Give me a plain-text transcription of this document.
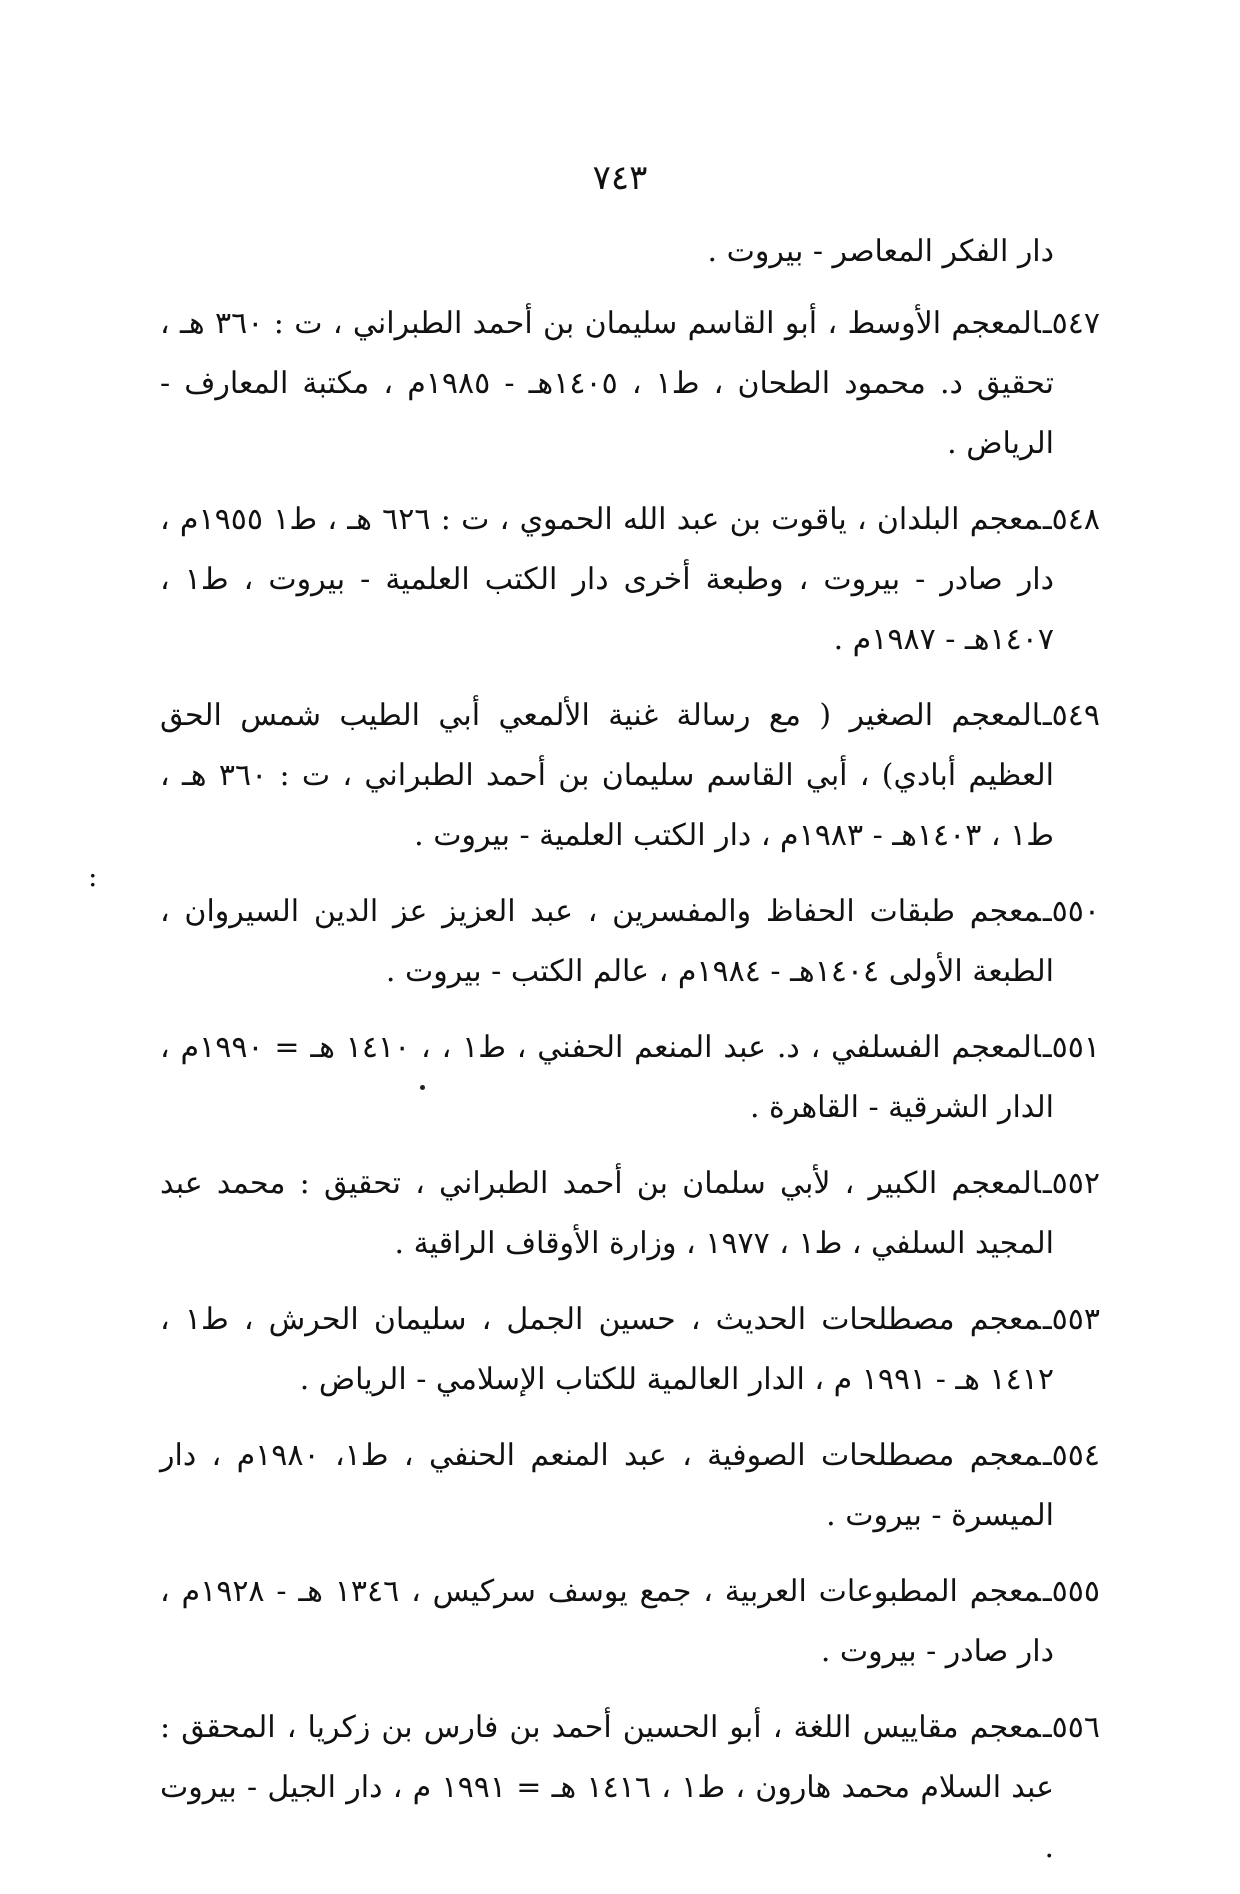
٧٤٣

دار الفكر المعاصر - بيروت .

٥٤٧ـالمعجم الأوسط ، أبو القاسم سليمان بن أحمد الطبراني ، ت : ٣٦٠ هـ ، تحقيق د. محمود الطحان ، ط١ ، ١٤٠٥هـ - ١٩٨٥م ، مكتبة المعارف - الرياض .

٥٤٨ـمعجم البلدان ، ياقوت بن عبد الله الحموي ، ت : ٦٢٦ هـ ، ط١ ١٩٥٥م ، دار صادر - بيروت ، وطبعة أخرى دار الكتب العلمية - بيروت ، ط١ ، ١٤٠٧هـ - ١٩٨٧م .

٥٤٩ـالمعجم الصغير ( مع رسالة غنية الألمعي أبي الطيب شمس الحق العظيم أبادي) ، أبي القاسم سليمان بن أحمد الطبراني ، ت : ٣٦٠ هـ ، ط١ ، ١٤٠٣هـ - ١٩٨٣م ، دار الكتب العلمية - بيروت .

٥٥٠ـمعجم طبقات الحفاظ والمفسرين ، عبد العزيز عز الدين السيروان ، الطبعة الأولى ١٤٠٤هـ - ١٩٨٤م ، عالم الكتب - بيروت .

٥٥١ـالمعجم الفسلفي ، د. عبد المنعم الحفني ، ط١ ، ، ١٤١٠ هـ = ١٩٩٠م ، الدار الشرقية - القاهرة .

٥٥٢ـالمعجم الكبير ، لأبي سلمان بن أحمد الطبراني ، تحقيق : محمد عبد المجيد السلفي ، ط١ ، ١٩٧٧ ، وزارة الأوقاف الراقية .

٥٥٣ـمعجم مصطلحات الحديث ، حسين الجمل ، سليمان الحرش ، ط١ ، ١٤١٢ هـ - ١٩٩١ م ، الدار العالمية للكتاب الإسلامي - الرياض .

٥٥٤ـمعجم مصطلحات الصوفية ، عبد المنعم الحنفي ، ط١، ١٩٨٠م ، دار الميسرة - بيروت .

٥٥٥ـمعجم المطبوعات العربية ، جمع يوسف سركيس ، ١٣٤٦ هـ - ١٩٢٨م ، دار صادر - بيروت .

٥٥٦ـمعجم مقاييس اللغة ، أبو الحسين أحمد بن فارس بن زكريا ، المحقق : عبد السلام محمد هارون ، ط١ ، ١٤١٦ هـ = ١٩٩١ م ، دار الجيل - بيروت .

:
